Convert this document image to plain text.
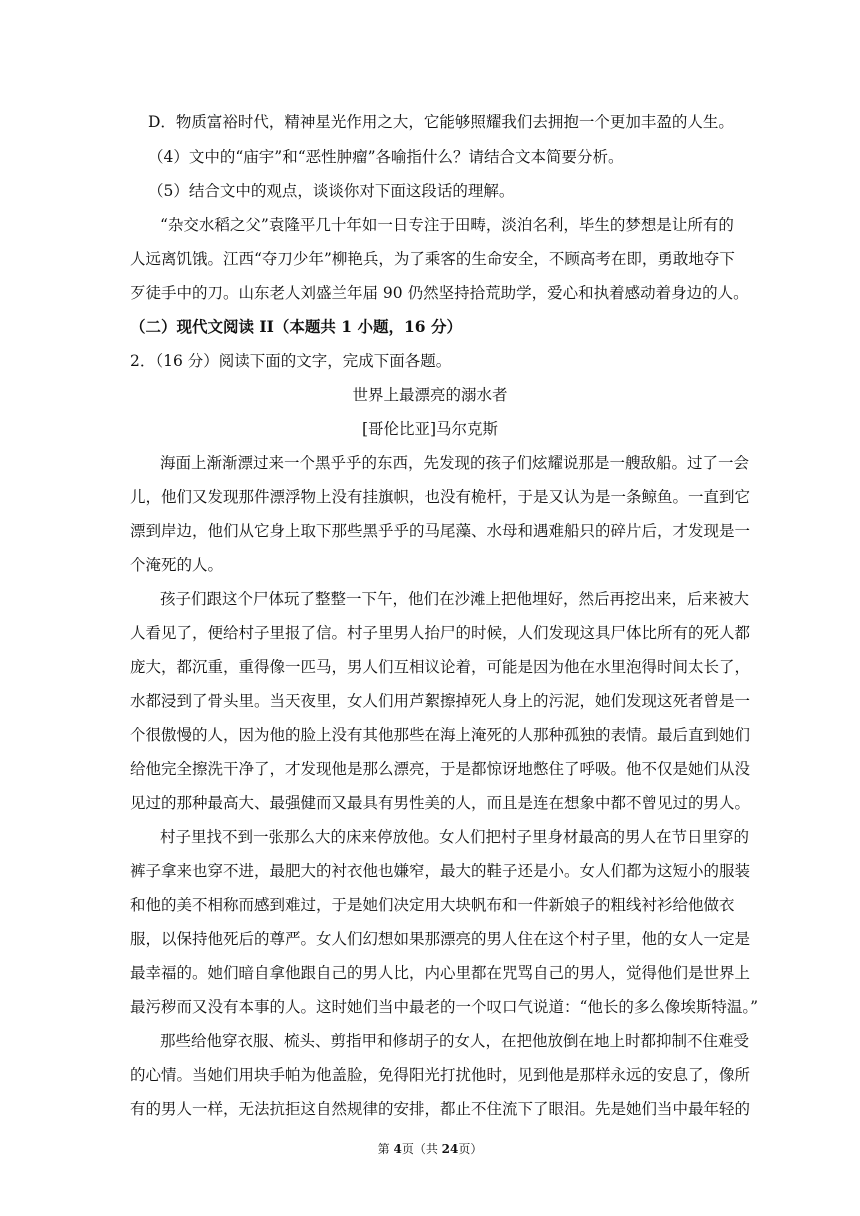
D．物质富裕时代，精神星光作用之大，它能够照耀我们去拥抱一个更加丰盈的人生。
（4）文中的“庙宇”和“恶性肿瘤”各喻指什么？请结合文本简要分析。
（5）结合文中的观点，谈谈你对下面这段话的理解。
“杂交水稻之父”袁隆平几十年如一日专注于田畴，淡泊名利，毕生的梦想是让所有的
人远离饥饿。江西“夺刀少年”柳艳兵，为了乘客的生命安全，不顾高考在即，勇敢地夺下
歹徒手中的刀。山东老人刘盛兰年届 90 仍然坚持拾荒助学，爱心和执着感动着身边的人。
（二）现代文阅读 II（本题共 1 小题，16 分）
2．（16 分）阅读下面的文字，完成下面各题。
世界上最漂亮的溺水者
[哥伦比亚]马尔克斯
海面上渐渐漂过来一个黑乎乎的东西，先发现的孩子们炫耀说那是一艘敌船。过了一会
儿，他们又发现那件漂浮物上没有挂旗帜，也没有桅杆，于是又认为是一条鲸鱼。一直到它
漂到岸边，他们从它身上取下那些黑乎乎的马尾藻、水母和遇难船只的碎片后，才发现是一
个淹死的人。
孩子们跟这个尸体玩了整整一下午，他们在沙滩上把他埋好，然后再挖出来，后来被大
人看见了，便给村子里报了信。村子里男人抬尸的时候，人们发现这具尸体比所有的死人都
庞大，都沉重，重得像一匹马，男人们互相议论着，可能是因为他在水里泡得时间太长了，
水都浸到了骨头里。当天夜里，女人们用芦絮擦掉死人身上的污泥，她们发现这死者曾是一
个很傲慢的人，因为他的脸上没有其他那些在海上淹死的人那种孤独的表情。最后直到她们
给他完全擦洗干净了，才发现他是那么漂亮，于是都惊讶地憋住了呼吸。他不仅是她们从没
见过的那种最高大、最强健而又最具有男性美的人，而且是连在想象中都不曾见过的男人。
村子里找不到一张那么大的床来停放他。女人们把村子里身材最高的男人在节日里穿的
裤子拿来也穿不进，最肥大的衬衣他也嫌窄，最大的鞋子还是小。女人们都为这短小的服装
和他的美不相称而感到难过，于是她们决定用大块帆布和一件新娘子的粗线衬衫给他做衣
服，以保持他死后的尊严。女人们幻想如果那漂亮的男人住在这个村子里，他的女人一定是
最幸福的。她们暗自拿他跟自己的男人比，内心里都在咒骂自己的男人，觉得他们是世界上
最污秽而又没有本事的人。这时她们当中最老的一个叹口气说道：“他长的多么像埃斯特温。”
那些给他穿衣服、梳头、剪指甲和修胡子的女人，在把他放倒在地上时都抑制不住难受
的心情。当她们用块手帕为他盖脸，免得阳光打扰他时，见到他是那样永远的安息了，像所
有的男人一样，无法抗拒这自然规律的安排，都止不住流下了眼泪。先是她们当中最年轻的
第 4页（共 24页）
